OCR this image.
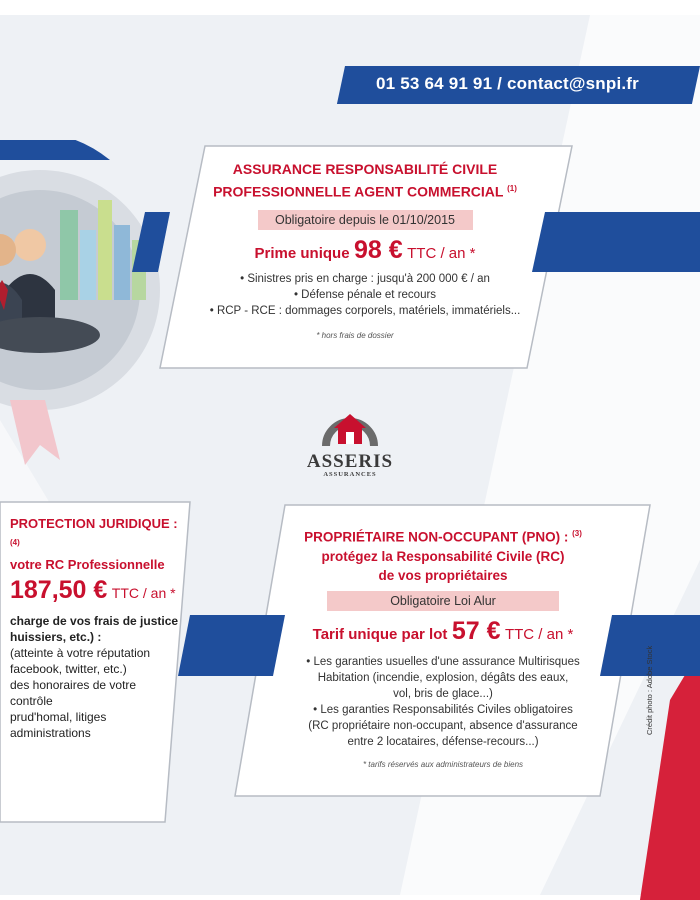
01 53 64 91 91 / contact@snpi.fr
ASSURANCE RESPONSABILITÉ CIVILE
PROFESSIONNELLE AGENT COMMERCIAL $^{(1)}$
Obligatoire depuis le 01/10/2015
Prime unique 98 € TTC / an *
• Sinistres pris en charge : jusqu'à 200 000 € / an
• Défense pénale et recours
• RCP - RCE : dommages corporels, matériels, immatériels...
* hors frais de dossier
ASSERIS
ASSURANCES
PROTECTION JURIDIQUE : $^{(4)}$
votre RC Professionnelle
187,50 € TTC / an *
charge de vos frais de justice
huissiers, etc.) :
(atteinte à votre réputation
facebook, twitter, etc.)
des honoraires de votre
contrôle
prud'homal, litiges
administrations
PROPRIÉTAIRE NON-OCCUPANT (PNO) : $^{(3)}$
protégez la Responsabilité Civile (RC)
de vos propriétaires
Obligatoire Loi Alur
Tarif unique par lot 57 € TTC / an *
• Les garanties usuelles d'une assurance Multirisques
Habitation (incendie, explosion, dégâts des eaux,
vol, bris de glace...)
• Les garanties Responsabilités Civiles obligatoires
(RC propriétaire non-occupant, absence d'assurance
entre 2 locataires, défense-recours...)
* tarifs réservés aux administrateurs de biens
Crédit photo : Adobe Stock
